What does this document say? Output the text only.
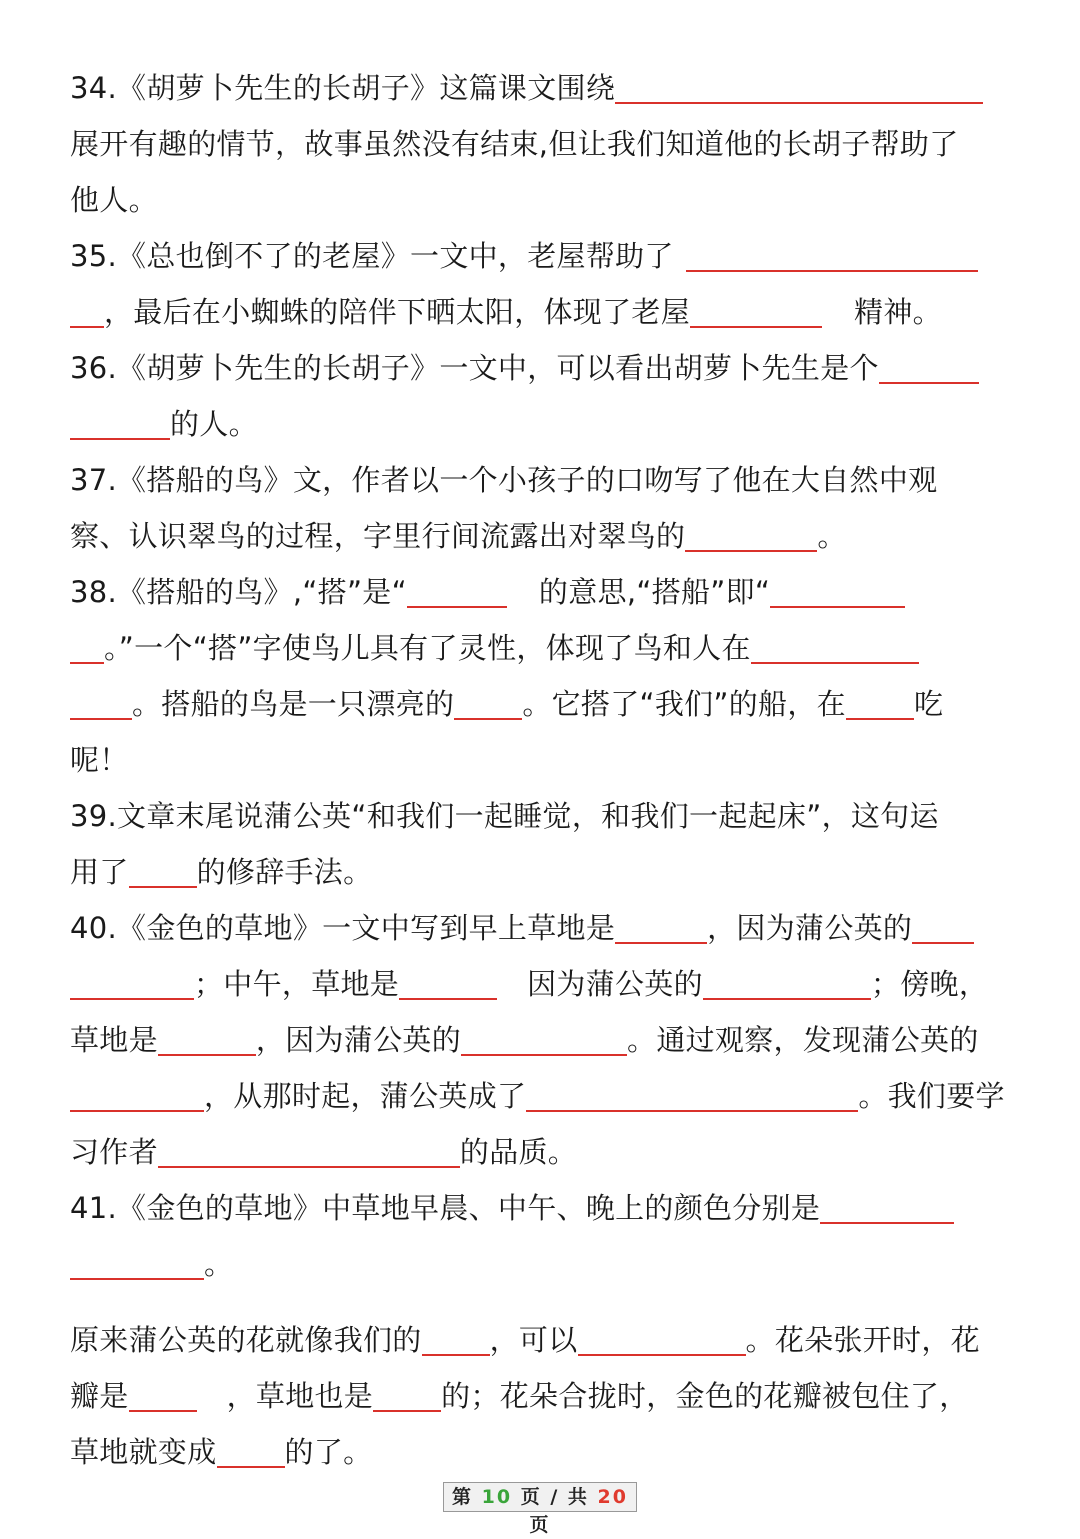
34.《胡萝卜先生的长胡子》这篇课文围绕
展开有趣的情节，故事虽然没有结束,但让我们知道他的长胡子帮助了
他人。
35.《总也倒不了的老屋》一文中，老屋帮助了
，最后在小蜘蛛的陪伴下晒太阳，体现了老屋	精神。
36.《胡萝卜先生的长胡子》一文中，可以看出胡萝卜先生是个
的人。
37.《搭船的鸟》文，作者以一个小孩子的口吻写了他在大自然中观
察、认识翠鸟的过程，字里行间流露出对翠鸟的	。
38.《搭船的鸟》,“搭”是“	的意思,“搭船”即“
。”一个“搭”字使鸟儿具有了灵性，体现了鸟和人在
。搭船的鸟是一只漂亮的 。它搭了“我们”的船，在 吃
呢！
39.文章末尾说蒲公英“和我们一起睡觉，和我们一起起床”，这句运
用了 的修辞手法。
40.《金色的草地》一文中写到早上草地是	，因为蒲公英的
；中午，草地是	因为蒲公英的	；傍晚，
草地是	，因为蒲公英的	。通过观察，发现蒲公英的
，从那时起，蒲公英成了	。我们要学
习作者	的品质。
41.《金色的草地》中草地早晨、中午、晚上的颜色分别是
。
原来蒲公英的花就像我们的 ，可以	。花朵张开时，花
瓣是	，草地也是 的；花朵合拢时，金色的花瓣被包住了，
草地就变成 的了。
第 10 页 / 共 20 页
